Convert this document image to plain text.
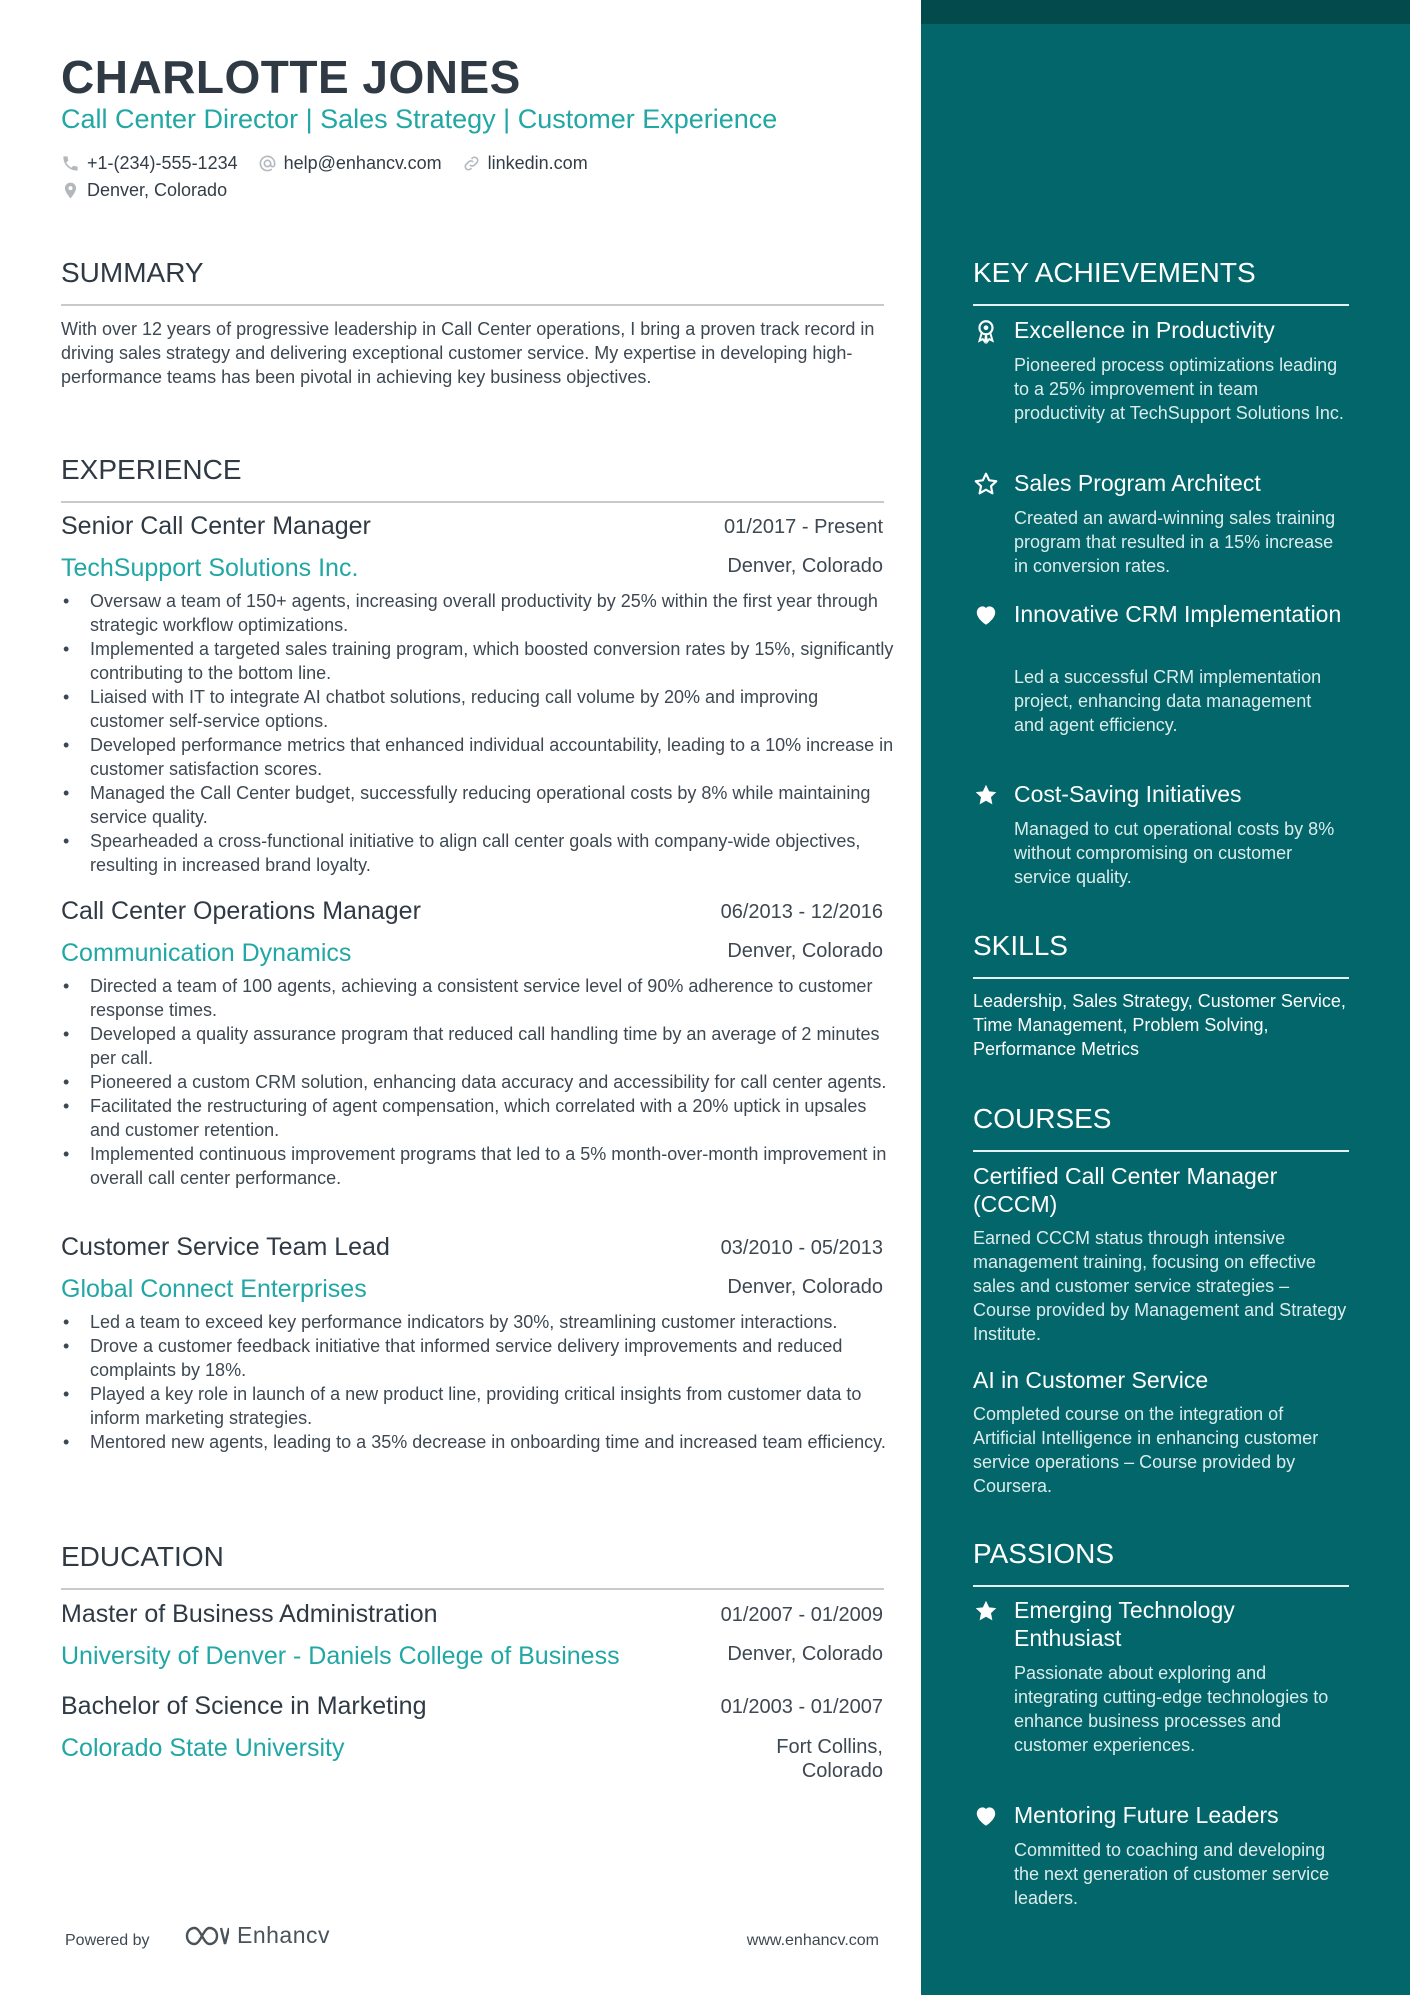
CHARLOTTE JONES
Call Center Director | Sales Strategy | Customer Experience
+1-(234)-555-1234	help@enhancv.com	linkedin.com
Denver, Colorado
SUMMARY
With over 12 years of progressive leadership in Call Center operations, I bring a proven track record in driving sales strategy and delivering exceptional customer service. My expertise in developing high-performance teams has been pivotal in achieving key business objectives.
EXPERIENCE
Senior Call Center Manager	01/2017 - Present
TechSupport Solutions Inc.	Denver, Colorado
• Oversaw a team of 150+ agents, increasing overall productivity by 25% within the first year through strategic workflow optimizations.
• Implemented a targeted sales training program, which boosted conversion rates by 15%, significantly contributing to the bottom line.
• Liaised with IT to integrate AI chatbot solutions, reducing call volume by 20% and improving customer self-service options.
• Developed performance metrics that enhanced individual accountability, leading to a 10% increase in customer satisfaction scores.
• Managed the Call Center budget, successfully reducing operational costs by 8% while maintaining service quality.
• Spearheaded a cross-functional initiative to align call center goals with company-wide objectives, resulting in increased brand loyalty.
Call Center Operations Manager	06/2013 - 12/2016
Communication Dynamics	Denver, Colorado
• Directed a team of 100 agents, achieving a consistent service level of 90% adherence to customer response times.
• Developed a quality assurance program that reduced call handling time by an average of 2 minutes per call.
• Pioneered a custom CRM solution, enhancing data accuracy and accessibility for call center agents.
• Facilitated the restructuring of agent compensation, which correlated with a 20% uptick in upsales and customer retention.
• Implemented continuous improvement programs that led to a 5% month-over-month improvement in overall call center performance.
Customer Service Team Lead	03/2010 - 05/2013
Global Connect Enterprises	Denver, Colorado
• Led a team to exceed key performance indicators by 30%, streamlining customer interactions.
• Drove a customer feedback initiative that informed service delivery improvements and reduced complaints by 18%.
• Played a key role in launch of a new product line, providing critical insights from customer data to inform marketing strategies.
• Mentored new agents, leading to a 35% decrease in onboarding time and increased team efficiency.
EDUCATION
Master of Business Administration	01/2007 - 01/2009
University of Denver - Daniels College of Business	Denver, Colorado
Bachelor of Science in Marketing	01/2003 - 01/2007
Colorado State University	Fort Collins, Colorado
KEY ACHIEVEMENTS
Excellence in Productivity
Pioneered process optimizations leading to a 25% improvement in team productivity at TechSupport Solutions Inc.
Sales Program Architect
Created an award-winning sales training program that resulted in a 15% increase in conversion rates.
Innovative CRM Implementation
Led a successful CRM implementation project, enhancing data management and agent efficiency.
Cost-Saving Initiatives
Managed to cut operational costs by 8% without compromising on customer service quality.
SKILLS
Leadership, Sales Strategy, Customer Service, Time Management, Problem Solving, Performance Metrics
COURSES
Certified Call Center Manager (CCCM)
Earned CCCM status through intensive management training, focusing on effective sales and customer service strategies – Course provided by Management and Strategy Institute.
AI in Customer Service
Completed course on the integration of Artificial Intelligence in enhancing customer service operations – Course provided by Coursera.
PASSIONS
Emerging Technology Enthusiast
Passionate about exploring and integrating cutting-edge technologies to enhance business processes and customer experiences.
Mentoring Future Leaders
Committed to coaching and developing the next generation of customer service leaders.
Powered by	Enhancv	www.enhancv.com
